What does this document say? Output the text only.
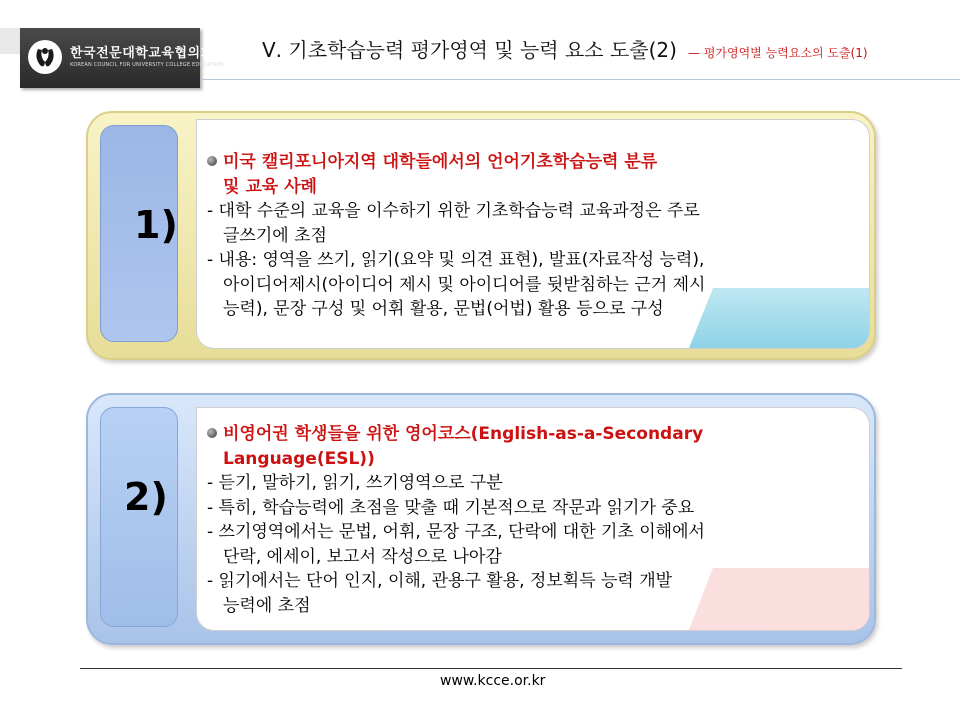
한국전문대학교육협의회
KOREAN COUNCIL FOR UNIVERSITY COLLEGE EDUCATION
Ⅴ. 기초학습능력 평가영역 및 능력 요소 도출(2) — 평가영역별 능력요소의 도출(1)
1)
미국 캘리포니아지역 대학들에서의 언어기초학습능력 분류
및 교육 사례
- 대학 수준의 교육을 이수하기 위한 기초학습능력 교육과정은 주로
글쓰기에 초점
- 내용: 영역을 쓰기, 읽기(요약 및 의견 표현), 발표(자료작성 능력),
아이디어제시(아이디어 제시 및 아이디어를 뒷받침하는 근거 제시
능력), 문장 구성 및 어휘 활용, 문법(어법) 활용 등으로 구성
2)
비영어권 학생들을 위한 영어코스(English-as-a-Secondary
Language(ESL))
- 듣기, 말하기, 읽기, 쓰기영역으로 구분
- 특히, 학습능력에 초점을 맞출 때 기본적으로 작문과 읽기가 중요
- 쓰기영역에서는 문법, 어휘, 문장 구조, 단락에 대한 기초 이해에서
단락, 에세이, 보고서 작성으로 나아감
- 읽기에서는 단어 인지, 이해, 관용구 활용, 정보획득 능력 개발
능력에 초점
www.kcce.or.kr
